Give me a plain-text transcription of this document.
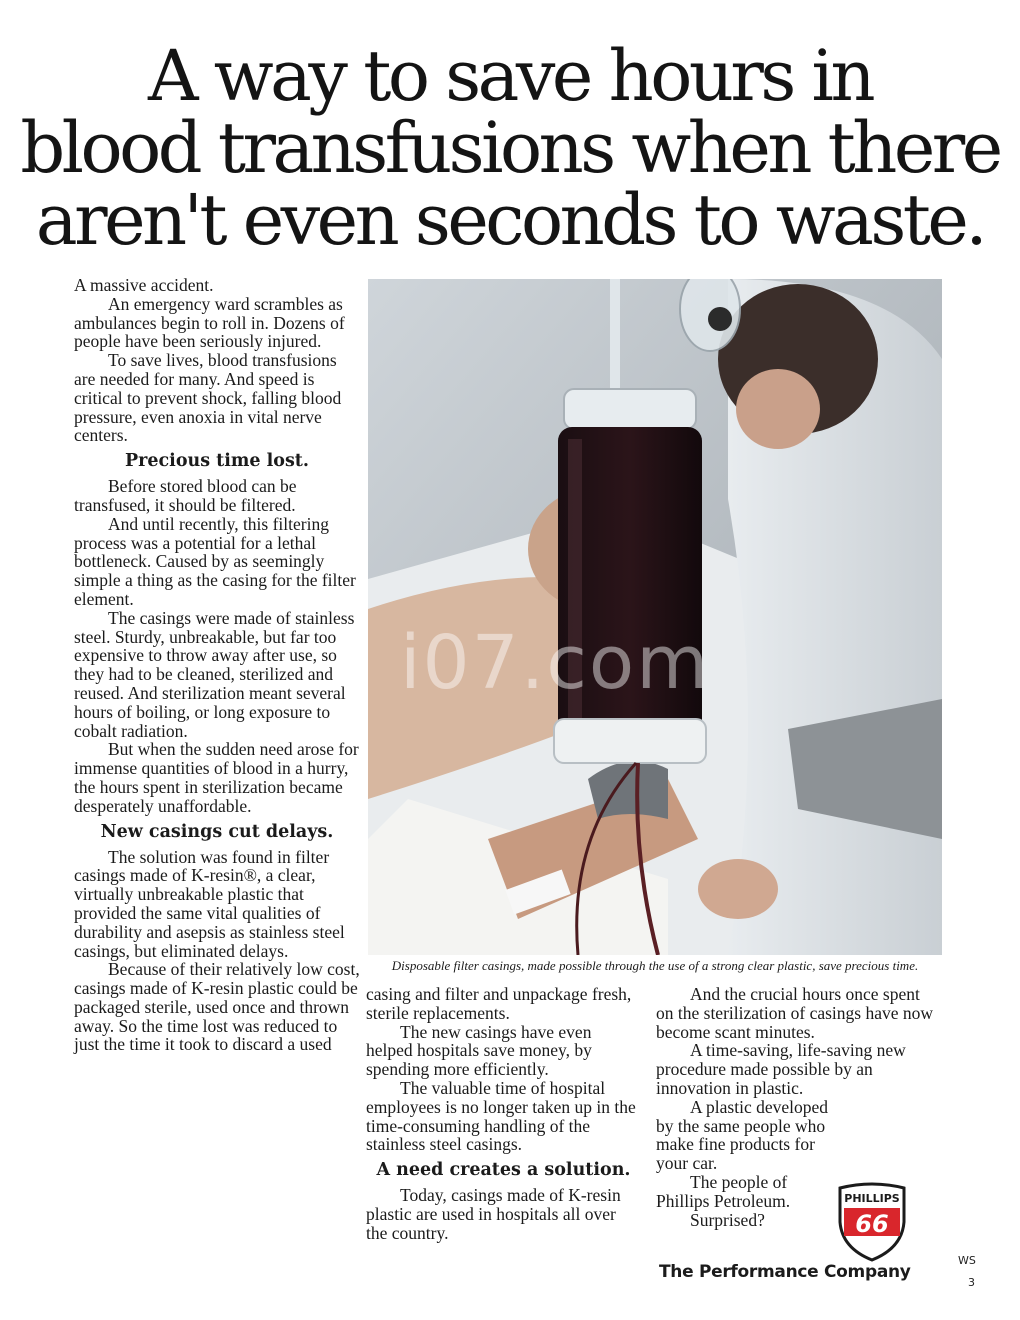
A way to save hours in
blood transfusions when there
aren't even seconds to waste.

A massive accident.

An emergency ward scrambles as ambulances begin to roll in. Dozens of people have been seriously injured.

To save lives, blood transfusions are needed for many. And speed is critical to prevent shock, falling blood pressure, even anoxia in vital nerve centers.

Precious time lost.

Before stored blood can be transfused, it should be filtered.

And until recently, this filtering process was a potential for a lethal bottleneck. Caused by as seemingly simple a thing as the casing for the filter element.

The casings were made of stainless steel. Sturdy, unbreakable, but far too expensive to throw away after use, so they had to be cleaned, sterilized and reused. And sterilization meant several hours of boiling, or long exposure to cobalt radiation.

But when the sudden need arose for immense quantities of blood in a hurry, the hours spent in sterilization became desperately unaffordable.

New casings cut delays.

The solution was found in filter casings made of K-resin®, a clear, virtually unbreakable plastic that provided the same vital qualities of durability and asepsis as stainless steel casings, but eliminated delays.

Because of their relatively low cost, casings made of K-resin plastic could be packaged sterile, used once and thrown away. So the time lost was reduced to just the time it took to discard a used

i07.com
Disposable filter casings, made possible through the use of a strong clear plastic, save precious time.

casing and filter and unpackage fresh, sterile replacements.

The new casings have even helped hospitals save money, by spending more efficiently.

The valuable time of hospital employees is no longer taken up in the time-consuming handling of the stainless steel casings.

A need creates a solution.

Today, casings made of K-resin plastic are used in hospitals all over the country.

And the crucial hours once spent on the sterilization of casings have now become scant minutes.

A time-saving, life-saving new procedure made possible by an innovation in plastic.

A plastic developed by the same people who make fine products for your car.

The people of Phillips Petroleum.

Surprised?

PHILLIPS
66
The Performance Company
WS
3
